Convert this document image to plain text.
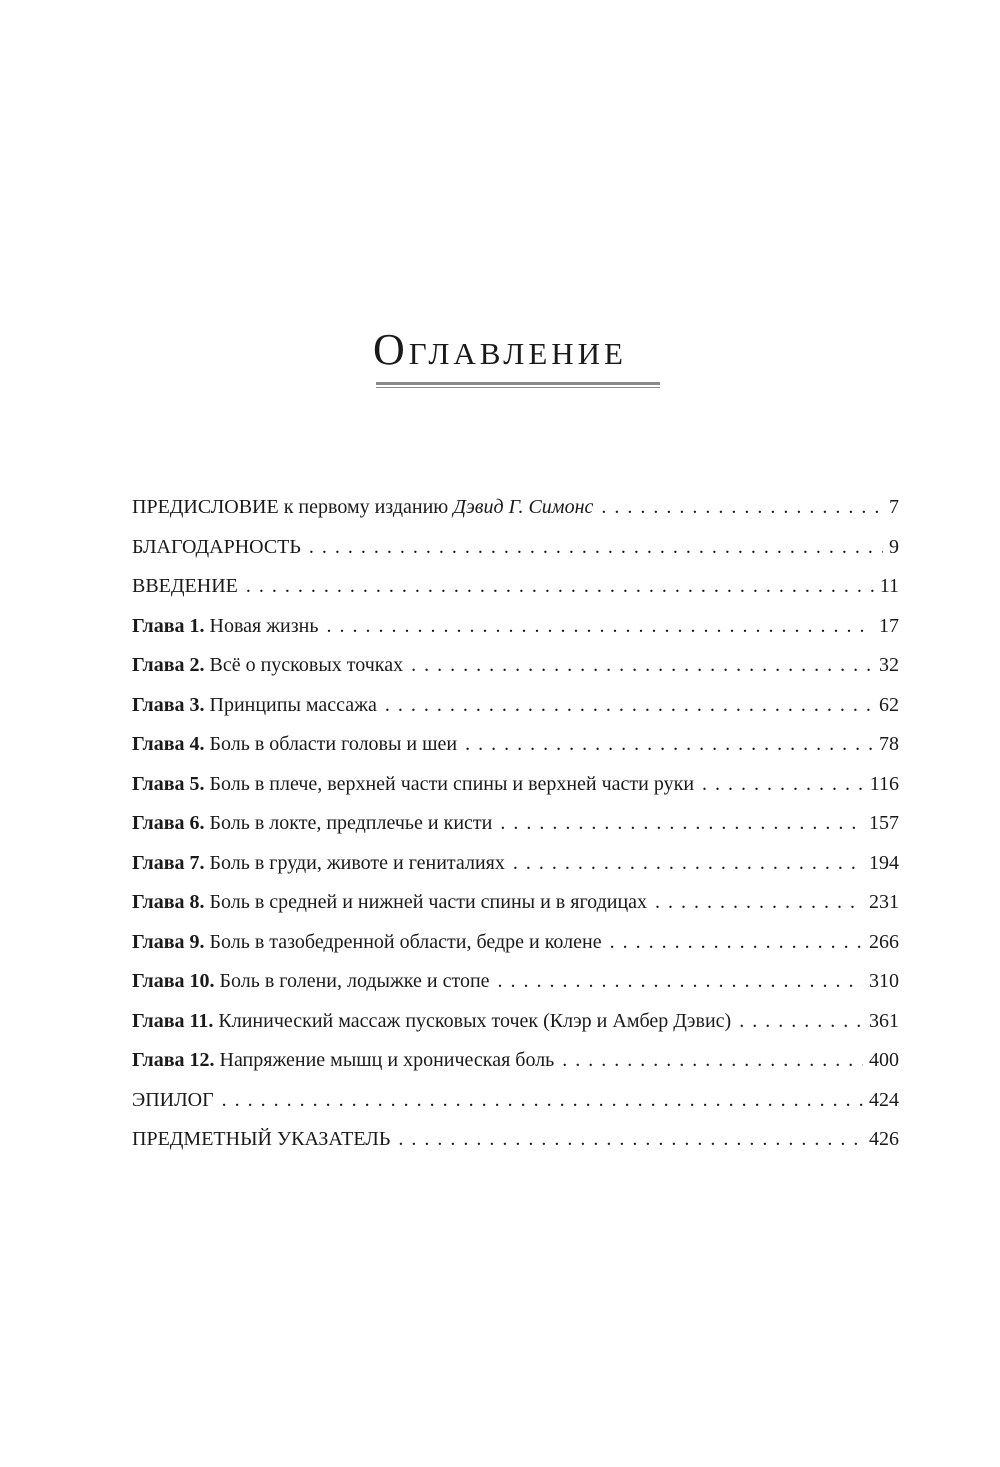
Оглавление
ПРЕДИСЛОВИЕ к первому изданию Дэвид Г. Симонс . . .	7
БЛАГОДАРНОСТЬ . . .	9
ВВЕДЕНИЕ . . .	11
Глава 1. Новая жизнь . . .	17
Глава 2. Всё о пусковых точках . . .	32
Глава 3. Принципы массажа . . .	62
Глава 4. Боль в области головы и шеи . . .	78
Глава 5. Боль в плече, верхней части спины и верхней части руки . . .	116
Глава 6. Боль в локте, предплечье и кисти . . .	157
Глава 7. Боль в груди, животе и гениталиях . . .	194
Глава 8. Боль в средней и нижней части спины и в ягодицах . . .	231
Глава 9. Боль в тазобедренной области, бедре и колене . . .	266
Глава 10. Боль в голени, лодыжке и стопе . . .	310
Глава 11. Клинический массаж пусковых точек (Клэр и Амбер Дэвис) . . .	361
Глава 12. Напряжение мышц и хроническая боль . . .	400
ЭПИЛОГ . . .	424
ПРЕДМЕТНЫЙ УКАЗАТЕЛЬ . . .	426
